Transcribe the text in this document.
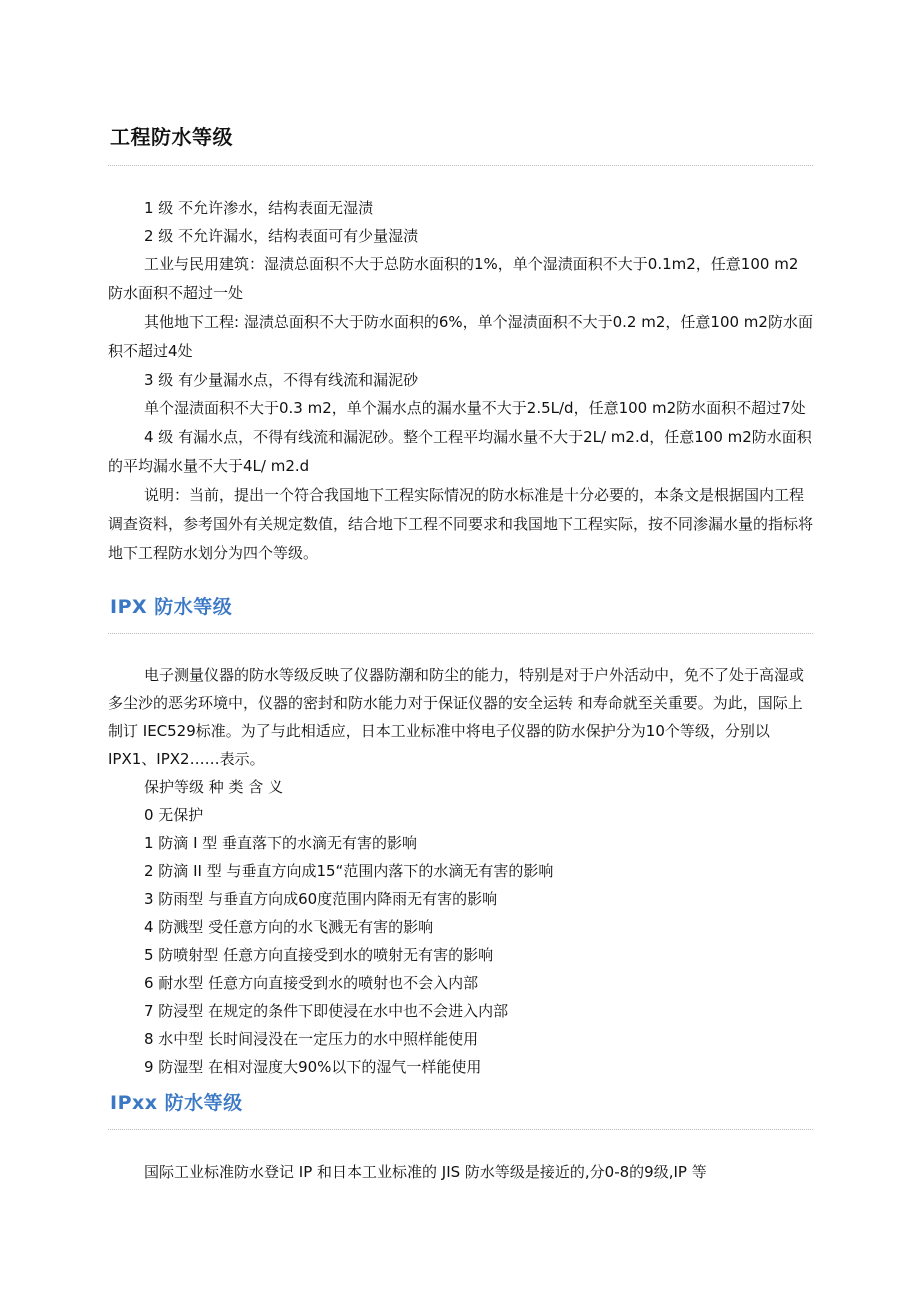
工程防水等级
1 级 不允许渗水，结构表面无湿渍
2 级 不允许漏水，结构表面可有少量湿渍
工业与民用建筑：湿渍总面积不大于总防水面积的1%，单个湿渍面积不大于0.1m2，任意100 m2防水面积不超过一处
其他地下工程: 湿渍总面积不大于防水面积的6%，单个湿渍面积不大于0.2 m2，任意100 m2防水面积不超过4处
3 级 有少量漏水点，不得有线流和漏泥砂
单个湿渍面积不大于0.3 m2，单个漏水点的漏水量不大于2.5L/d，任意100 m2防水面积不超过7处
4 级 有漏水点，不得有线流和漏泥砂。整个工程平均漏水量不大于2L/ m2.d，任意100 m2防水面积的平均漏水量不大于4L/ m2.d
说明：当前，提出一个符合我国地下工程实际情况的防水标准是十分必要的，本条文是根据国内工程调查资料，参考国外有关规定数值，结合地下工程不同要求和我国地下工程实际，按不同渗漏水量的指标将地下工程防水划分为四个等级。
IPX 防水等级
电子测量仪器的防水等级反映了仪器防潮和防尘的能力，特别是对于户外活动中，免不了处于高湿或多尘沙的恶劣环境中，仪器的密封和防水能力对于保证仪器的安全运转 和寿命就至关重要。为此，国际上制订 IEC529标准。为了与此相适应，日本工业标准中将电子仪器的防水保护分为10个等级，分别以 IPX1、IPX2……表示。
保护等级 种 类 含 义
0 无保护
1 防滴 I 型 垂直落下的水滴无有害的影响
2 防滴 II 型 与垂直方向成15“范围内落下的水滴无有害的影响
3 防雨型 与垂直方向成60度范围内降雨无有害的影响
4 防溅型 受任意方向的水飞溅无有害的影响
5 防喷射型 任意方向直接受到水的喷射无有害的影响
6 耐水型 任意方向直接受到水的喷射也不会入内部
7 防浸型 在规定的条件下即使浸在水中也不会进入内部
8 水中型 长时间浸没在一定压力的水中照样能使用
9 防湿型 在相对湿度大90%以下的湿气一样能使用
IPxx 防水等级
国际工业标准防水登记 IP 和日本工业标准的 JIS 防水等级是接近的,分0-8的9级,IP 等
